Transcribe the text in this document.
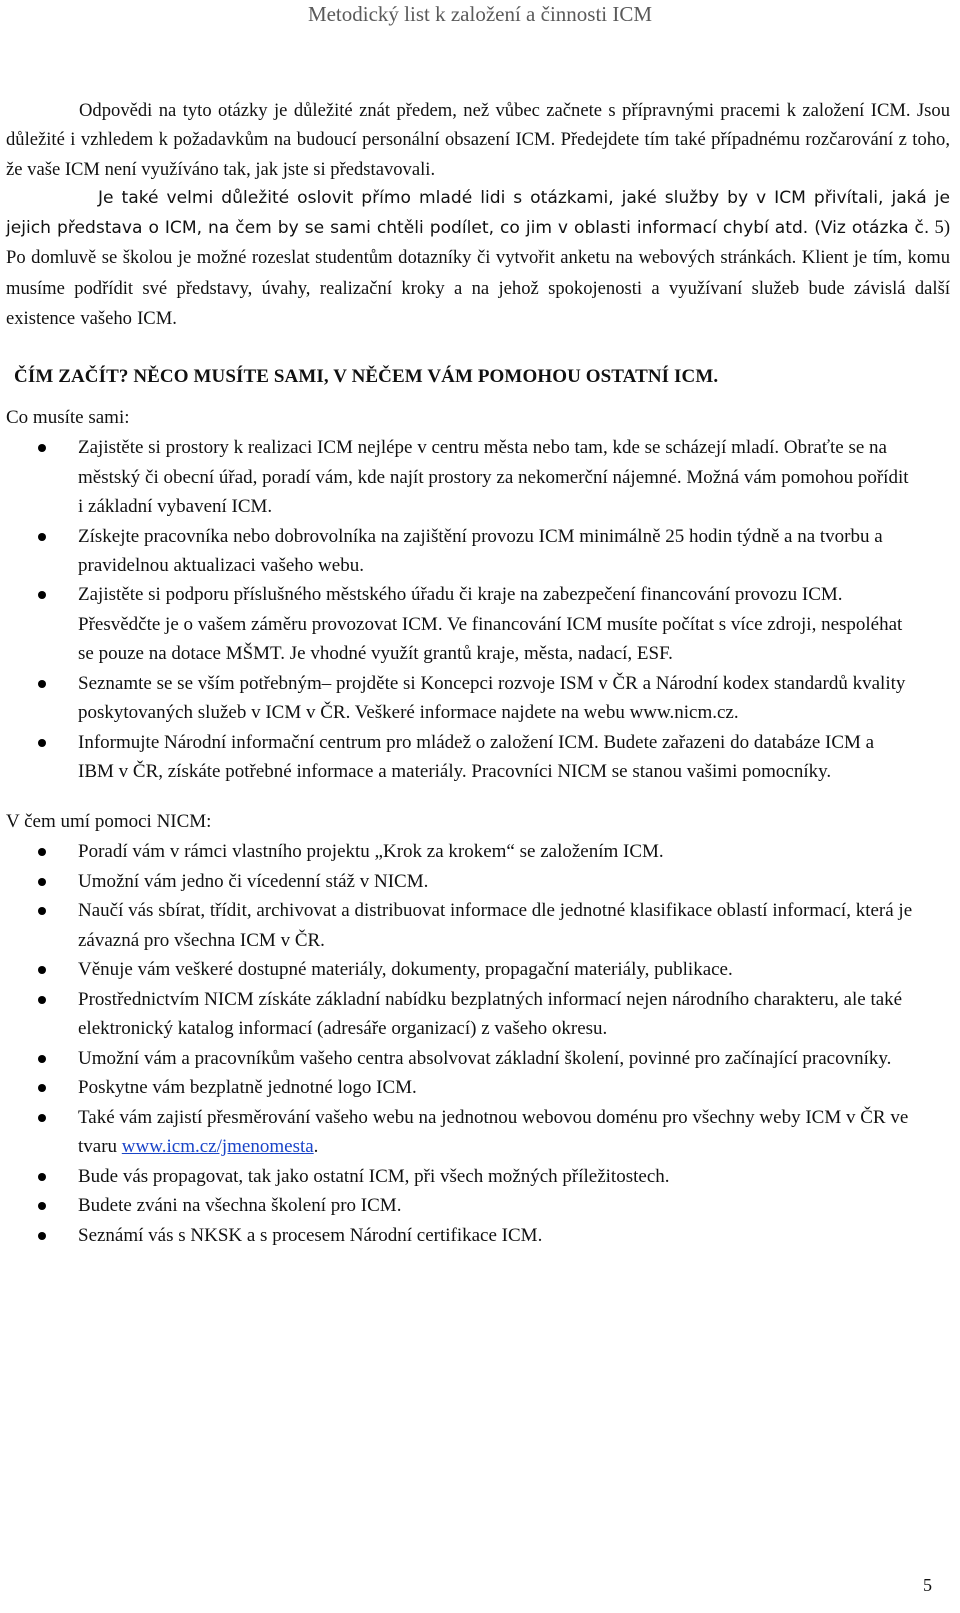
Metodický list k založení a činnosti ICM

Odpovědi na tyto otázky je důležité znát předem, než vůbec začnete s přípravnými pracemi k založení ICM. Jsou důležité i vzhledem k požadavkům na budoucí personální obsazení ICM. Předejdete tím také případnému rozčarování z toho, že vaše ICM není využíváno tak, jak jste si představovali.

Je také velmi důležité oslovit přímo mladé lidi s otázkami, jaké služby by v ICM přivítali, jaká je jejich představa o ICM, na čem by se sami chtěli podílet, co jim v oblasti informací chybí atd. (Viz otázka č. 5) Po domluvě se školou je možné rozeslat studentům dotazníky či vytvořit anketu na webových stránkách. Klient je tím, komu musíme podřídit své představy, úvahy, realizační kroky a na jehož spokojenosti a využívaní služeb bude závislá další existence vašeho ICM.

ČÍM ZAČÍT? NĚCO MUSÍTE SAMI, V NĚČEM VÁM POMOHOU OSTATNÍ ICM.
Co musíte sami:
Zajistěte si prostory k realizaci ICM nejlépe v centru města nebo tam, kde se scházejí mladí. Obraťte se na městský či obecní úřad, poradí vám, kde najít prostory za nekomerční nájemné. Možná vám pomohou pořídit i základní vybavení ICM.
Získejte pracovníka nebo dobrovolníka na zajištění provozu ICM minimálně 25 hodin týdně a na tvorbu a pravidelnou aktualizaci vašeho webu.
Zajistěte si podporu příslušného městského úřadu či kraje na zabezpečení financování provozu ICM. Přesvědčte je o vašem záměru provozovat ICM. Ve financování ICM musíte počítat s více zdroji, nespoléhat se pouze na dotace MŠMT. Je vhodné využít grantů kraje, města, nadací, ESF.
Seznamte se se vším potřebným– projděte si Koncepci rozvoje ISM v ČR a Národní kodex standardů kvality poskytovaných služeb v ICM v ČR. Veškeré informace najdete na webu www.nicm.cz.
Informujte Národní informační centrum pro mládež o založení ICM. Budete zařazeni do databáze ICM a IBM v ČR, získáte potřebné informace a materiály. Pracovníci NICM se stanou vašimi pomocníky.
V čem umí pomoci NICM:
Poradí vám v rámci vlastního projektu „Krok za krokem“ se založením ICM.
Umožní vám jedno či vícedenní stáž v NICM.
Naučí vás sbírat, třídit, archivovat a distribuovat informace dle jednotné klasifikace oblastí informací, která je závazná pro všechna ICM v ČR.
Věnuje vám veškeré dostupné materiály, dokumenty, propagační materiály, publikace.
Prostřednictvím NICM získáte základní nabídku bezplatných informací nejen národního charakteru, ale také elektronický katalog informací (adresáře organizací) z vašeho okresu.
Umožní vám a pracovníkům vašeho centra absolvovat základní školení, povinné pro začínající pracovníky.
Poskytne vám bezplatně jednotné logo ICM.
Také vám zajistí přesměrování vašeho webu na jednotnou webovou doménu pro všechny weby ICM v ČR ve tvaru www.icm.cz/jmenomesta.
Bude vás propagovat, tak jako ostatní ICM, při všech možných příležitostech.
Budete zváni na všechna školení pro ICM.
Seznámí vás s NKSK a s procesem Národní certifikace ICM.
5
